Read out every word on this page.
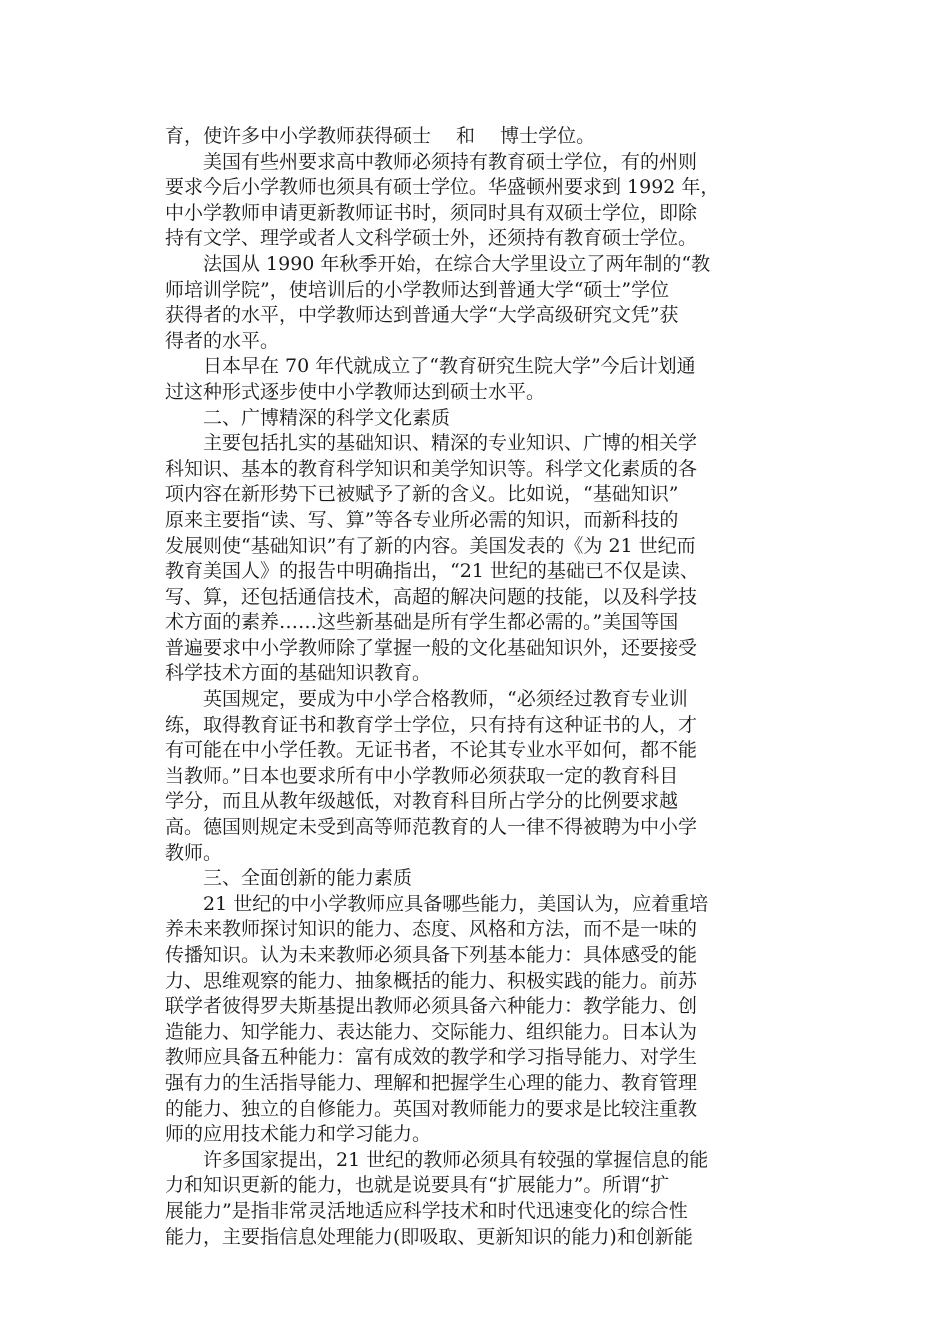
育，使许多中小学教师获得硕士　 和　 博士学位。
　　美国有些州要求高中教师必须持有教育硕士学位，有的州则
要求今后小学教师也须具有硕士学位。华盛顿州要求到 1992 年，
中小学教师申请更新教师证书时，须同时具有双硕士学位，即除
持有文学、理学或者人文科学硕士外，还须持有教育硕士学位。
　　法国从 1990 年秋季开始，在综合大学里设立了两年制的“教
师培训学院”，使培训后的小学教师达到普通大学“硕士”学位
获得者的水平，中学教师达到普通大学“大学高级研究文凭”获
得者的水平。
　　日本早在 70 年代就成立了“教育研究生院大学”今后计划通
过这种形式逐步使中小学教师达到硕士水平。
　　二、广博精深的科学文化素质
　　主要包括扎实的基础知识、精深的专业知识、广博的相关学
科知识、基本的教育科学知识和美学知识等。科学文化素质的各
项内容在新形势下已被赋予了新的含义。比如说，“基础知识”
原来主要指“读、写、算”等各专业所必需的知识，而新科技的
发展则使“基础知识”有了新的内容。美国发表的《为 21 世纪而
教育美国人》的报告中明确指出，“21 世纪的基础已不仅是读、
写、算，还包括通信技术，高超的解决问题的技能，以及科学技
术方面的素养……这些新基础是所有学生都必需的。”美国等国
普遍要求中小学教师除了掌握一般的文化基础知识外，还要接受
科学技术方面的基础知识教育。
　　英国规定，要成为中小学合格教师，“必须经过教育专业训
练，取得教育证书和教育学士学位，只有持有这种证书的人，才
有可能在中小学任教。无证书者，不论其专业水平如何，都不能
当教师。”日本也要求所有中小学教师必须获取一定的教育科目
学分，而且从教年级越低，对教育科目所占学分的比例要求越
高。德国则规定未受到高等师范教育的人一律不得被聘为中小学
教师。
　　三、全面创新的能力素质
　　21 世纪的中小学教师应具备哪些能力，美国认为，应着重培
养未来教师探讨知识的能力、态度、风格和方法，而不是一味的
传播知识。认为未来教师必须具备下列基本能力：具体感受的能
力、思维观察的能力、抽象概括的能力、积极实践的能力。前苏
联学者彼得罗夫斯基提出教师必须具备六种能力：教学能力、创
造能力、知学能力、表达能力、交际能力、组织能力。日本认为
教师应具备五种能力：富有成效的教学和学习指导能力、对学生
强有力的生活指导能力、理解和把握学生心理的能力、教育管理
的能力、独立的自修能力。英国对教师能力的要求是比较注重教
师的应用技术能力和学习能力。
　　许多国家提出，21 世纪的教师必须具有较强的掌握信息的能
力和知识更新的能力，也就是说要具有“扩展能力”。所谓“扩
展能力”是指非常灵活地适应科学技术和时代迅速变化的综合性
能力，主要指信息处理能力(即吸取、更新知识的能力)和创新能
